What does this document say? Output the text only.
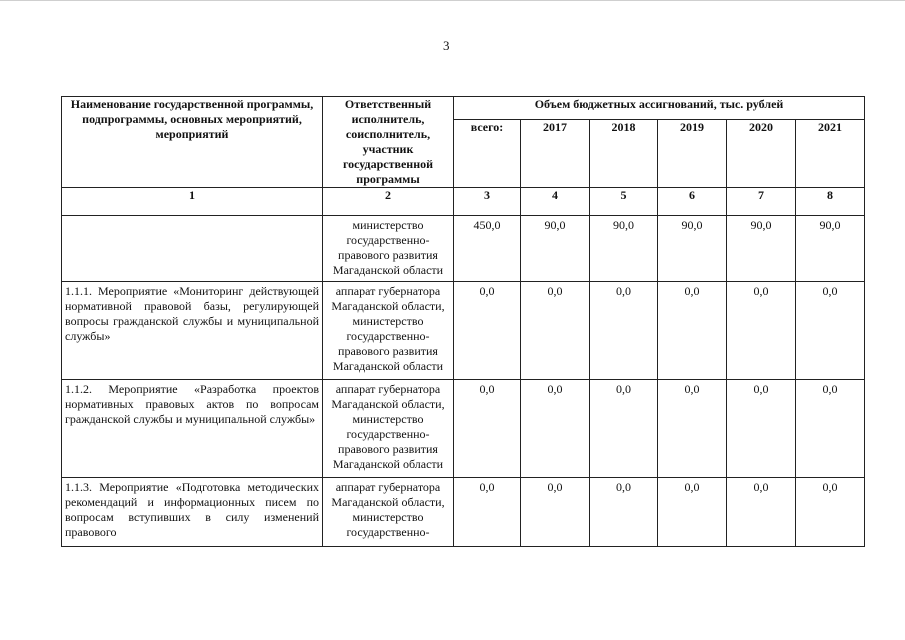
3
Наименование государственной программы, подпрограммы, основных мероприятий, мероприятий	Ответственный исполнитель, соисполнитель, участник государственной программы	Объем бюджетных ассигнований, тыс. рублей					
		всего:	2017	2018	2019	2020	2021
1	2	3	4	5	6	7	8
	министерство государственно-правового развития Магаданской области	450,0	90,0	90,0	90,0	90,0	90,0
1.1.1. Мероприятие «Мониторинг действующей нормативной правовой базы, регулирующей вопросы гражданской службы и муниципальной службы»	аппарат губернатора Магаданской области, министерство государственно-правового развития Магаданской области	0,0	0,0	0,0	0,0	0,0	0,0
1.1.2. Мероприятие «Разработка проектов нормативных правовых актов по вопросам гражданской службы и муниципальной службы»	аппарат губернатора Магаданской области, министерство государственно-правового развития Магаданской области	0,0	0,0	0,0	0,0	0,0	0,0
1.1.3. Мероприятие «Подготовка методических рекомендаций и информационных писем по вопросам вступивших в силу изменений правового	аппарат губернатора Магаданской области, министерство государственно-	0,0	0,0	0,0	0,0	0,0	0,0
